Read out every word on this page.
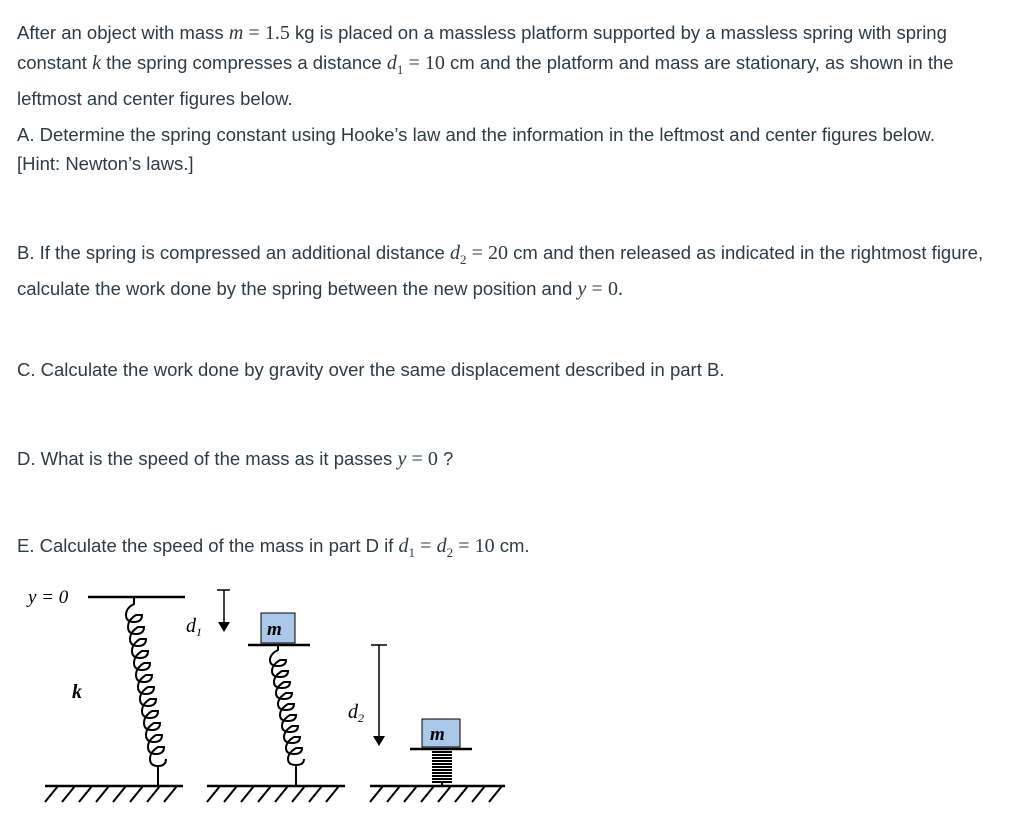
After an object with mass m = 1.5 kg is placed on a massless platform supported by a massless spring with spring constant k the spring compresses a distance $d_1 = 10$ cm and the platform and mass are stationary, as shown in the leftmost and center figures below.

A. Determine the spring constant using Hooke’s law and the information in the leftmost and center figures below.
[Hint: Newton’s laws.]

B. If the spring is compressed an additional distance $d_2 = 20$ cm and then released as indicated in the rightmost figure, calculate the work done by the spring between the new position and y = 0.

C. Calculate the work done by gravity over the same displacement described in part B.

D. What is the speed of the mass as it passes y = 0 ?

E. Calculate the speed of the mass in part D if $d_1 = d_2 = 10$ cm.

y = 0
k
$d_1$	m
$d_2$
m
